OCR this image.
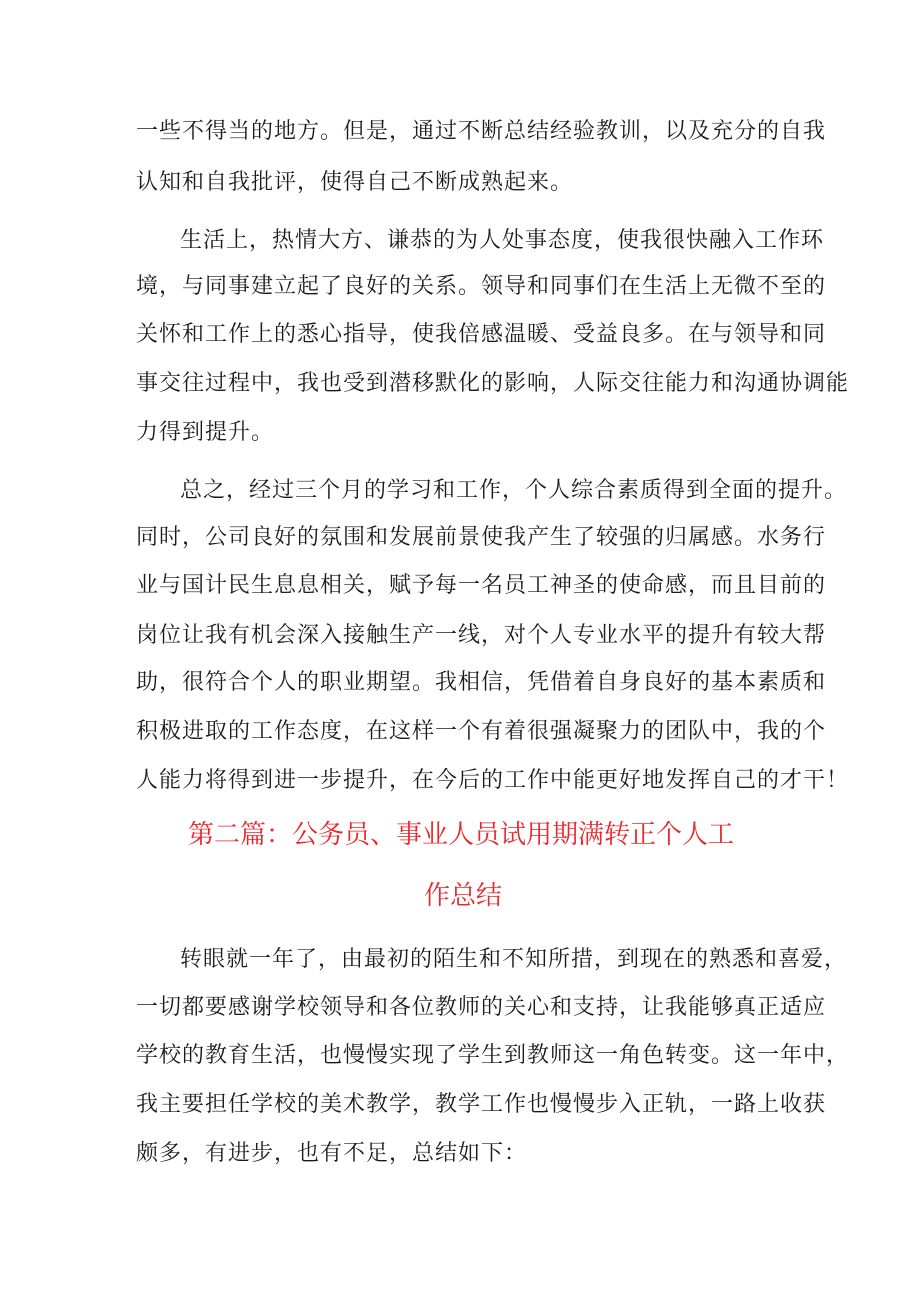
一些不得当的地方。但是，通过不断总结经验教训，以及充分的自我
认知和自我批评，使得自己不断成熟起来。
生活上，热情大方、谦恭的为人处事态度，使我很快融入工作环
境，与同事建立起了良好的关系。领导和同事们在生活上无微不至的
关怀和工作上的悉心指导，使我倍感温暖、受益良多。在与领导和同
事交往过程中，我也受到潜移默化的影响，人际交往能力和沟通协调能
力得到提升。
总之，经过三个月的学习和工作，个人综合素质得到全面的提升。
同时，公司良好的氛围和发展前景使我产生了较强的归属感。水务行
业与国计民生息息相关，赋予每一名员工神圣的使命感，而且目前的
岗位让我有机会深入接触生产一线，对个人专业水平的提升有较大帮
助，很符合个人的职业期望。我相信，凭借着自身良好的基本素质和
积极进取的工作态度，在这样一个有着很强凝聚力的团队中，我的个
人能力将得到进一步提升，在今后的工作中能更好地发挥自己的才干！
第二篇：公务员、事业人员试用期满转正个人工
作总结
转眼就一年了，由最初的陌生和不知所措，到现在的熟悉和喜爱，
一切都要感谢学校领导和各位教师的关心和支持，让我能够真正适应
学校的教育生活，也慢慢实现了学生到教师这一角色转变。这一年中，
我主要担任学校的美术教学，教学工作也慢慢步入正轨，一路上收获
颇多，有进步，也有不足，总结如下：
